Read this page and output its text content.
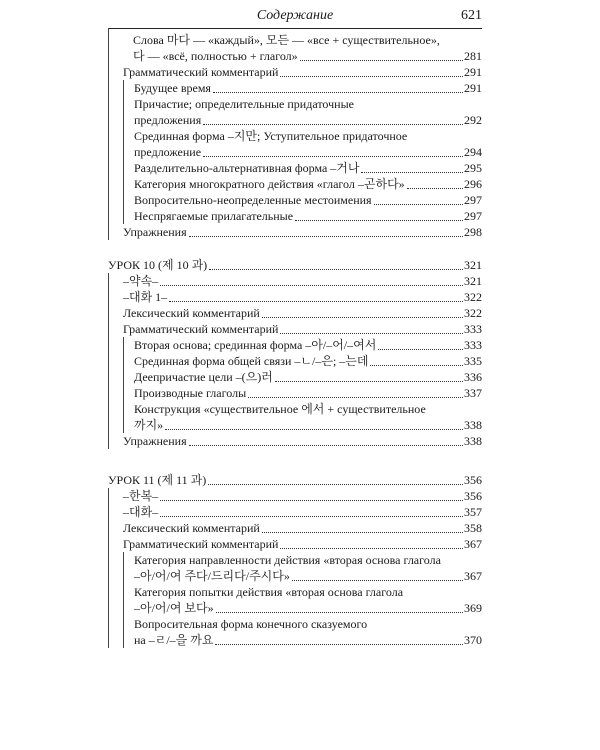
Содержание	621
Слова 마다 — «каждый», 모든 — «все + существительное»,
다 — «всё, полностью + глагол»	281
Грамматический комментарий	291
Будущее время	291
Причастие; определительные придаточные
предложения	292
Срединная форма –지만; Уступительное придаточное
предложение	294
Разделительно-альтернативная форма –거나	295
Категория многократного действия «глагол –곤하다»	296
Вопросительно-неопределенные местоимения	297
Неспрягаемые прилагательные	297
Упражнения	298
УРОК 10 (제 10 과)	321
–약속–	321
–대화 1–	322
Лексический комментарий	322
Грамматический комментарий	333
Вторая основа; срединная форма –아/–어/–여서	333
Срединная форма общей связи –ㄴ/–은; –는데	335
Деепричастие цели –(으)러	336
Производные глаголы	337
Конструкция «существительное 에서 + существительное
까지»	338
Упражнения	338
УРОК 11 (제 11 과)	356
–한복–	356
–대화–	357
Лексический комментарий	358
Грамматический комментарий	367
Категория направленности действия «вторая основа глагола
–아/어/여 주다/드리다/주시다»	367
Категория попытки действия «вторая основа глагола
–아/어/여 보다»	369
Вопросительная форма конечного сказуемого
на –ㄹ/–을 까요	370
